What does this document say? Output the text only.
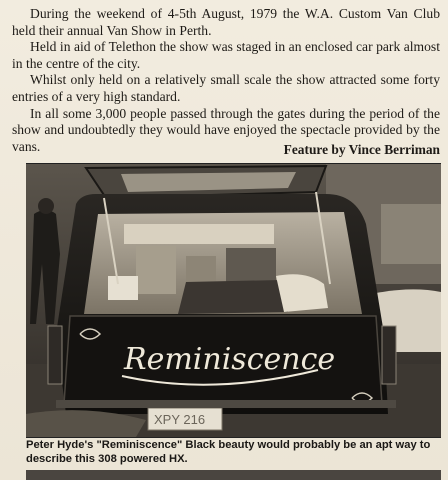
During the weekend of 4-5th August, 1979 the W.A. Custom Van Club held their annual Van Show in Perth.

Held in aid of Telethon the show was staged in an enclosed car park almost in the centre of the city.

Whilst only held on a relatively small scale the show attracted some forty entries of a very high standard.

In all some 3,000 people passed through the gates during the period of the show and undoubtedly they would have enjoyed the spectacle provided by the vans.	Feature by Vince Berriman
Reminiscence
XPY 216
Peter Hyde's "Reminiscence" Black beauty would probably be an apt way to describe this 308 powered HX.
